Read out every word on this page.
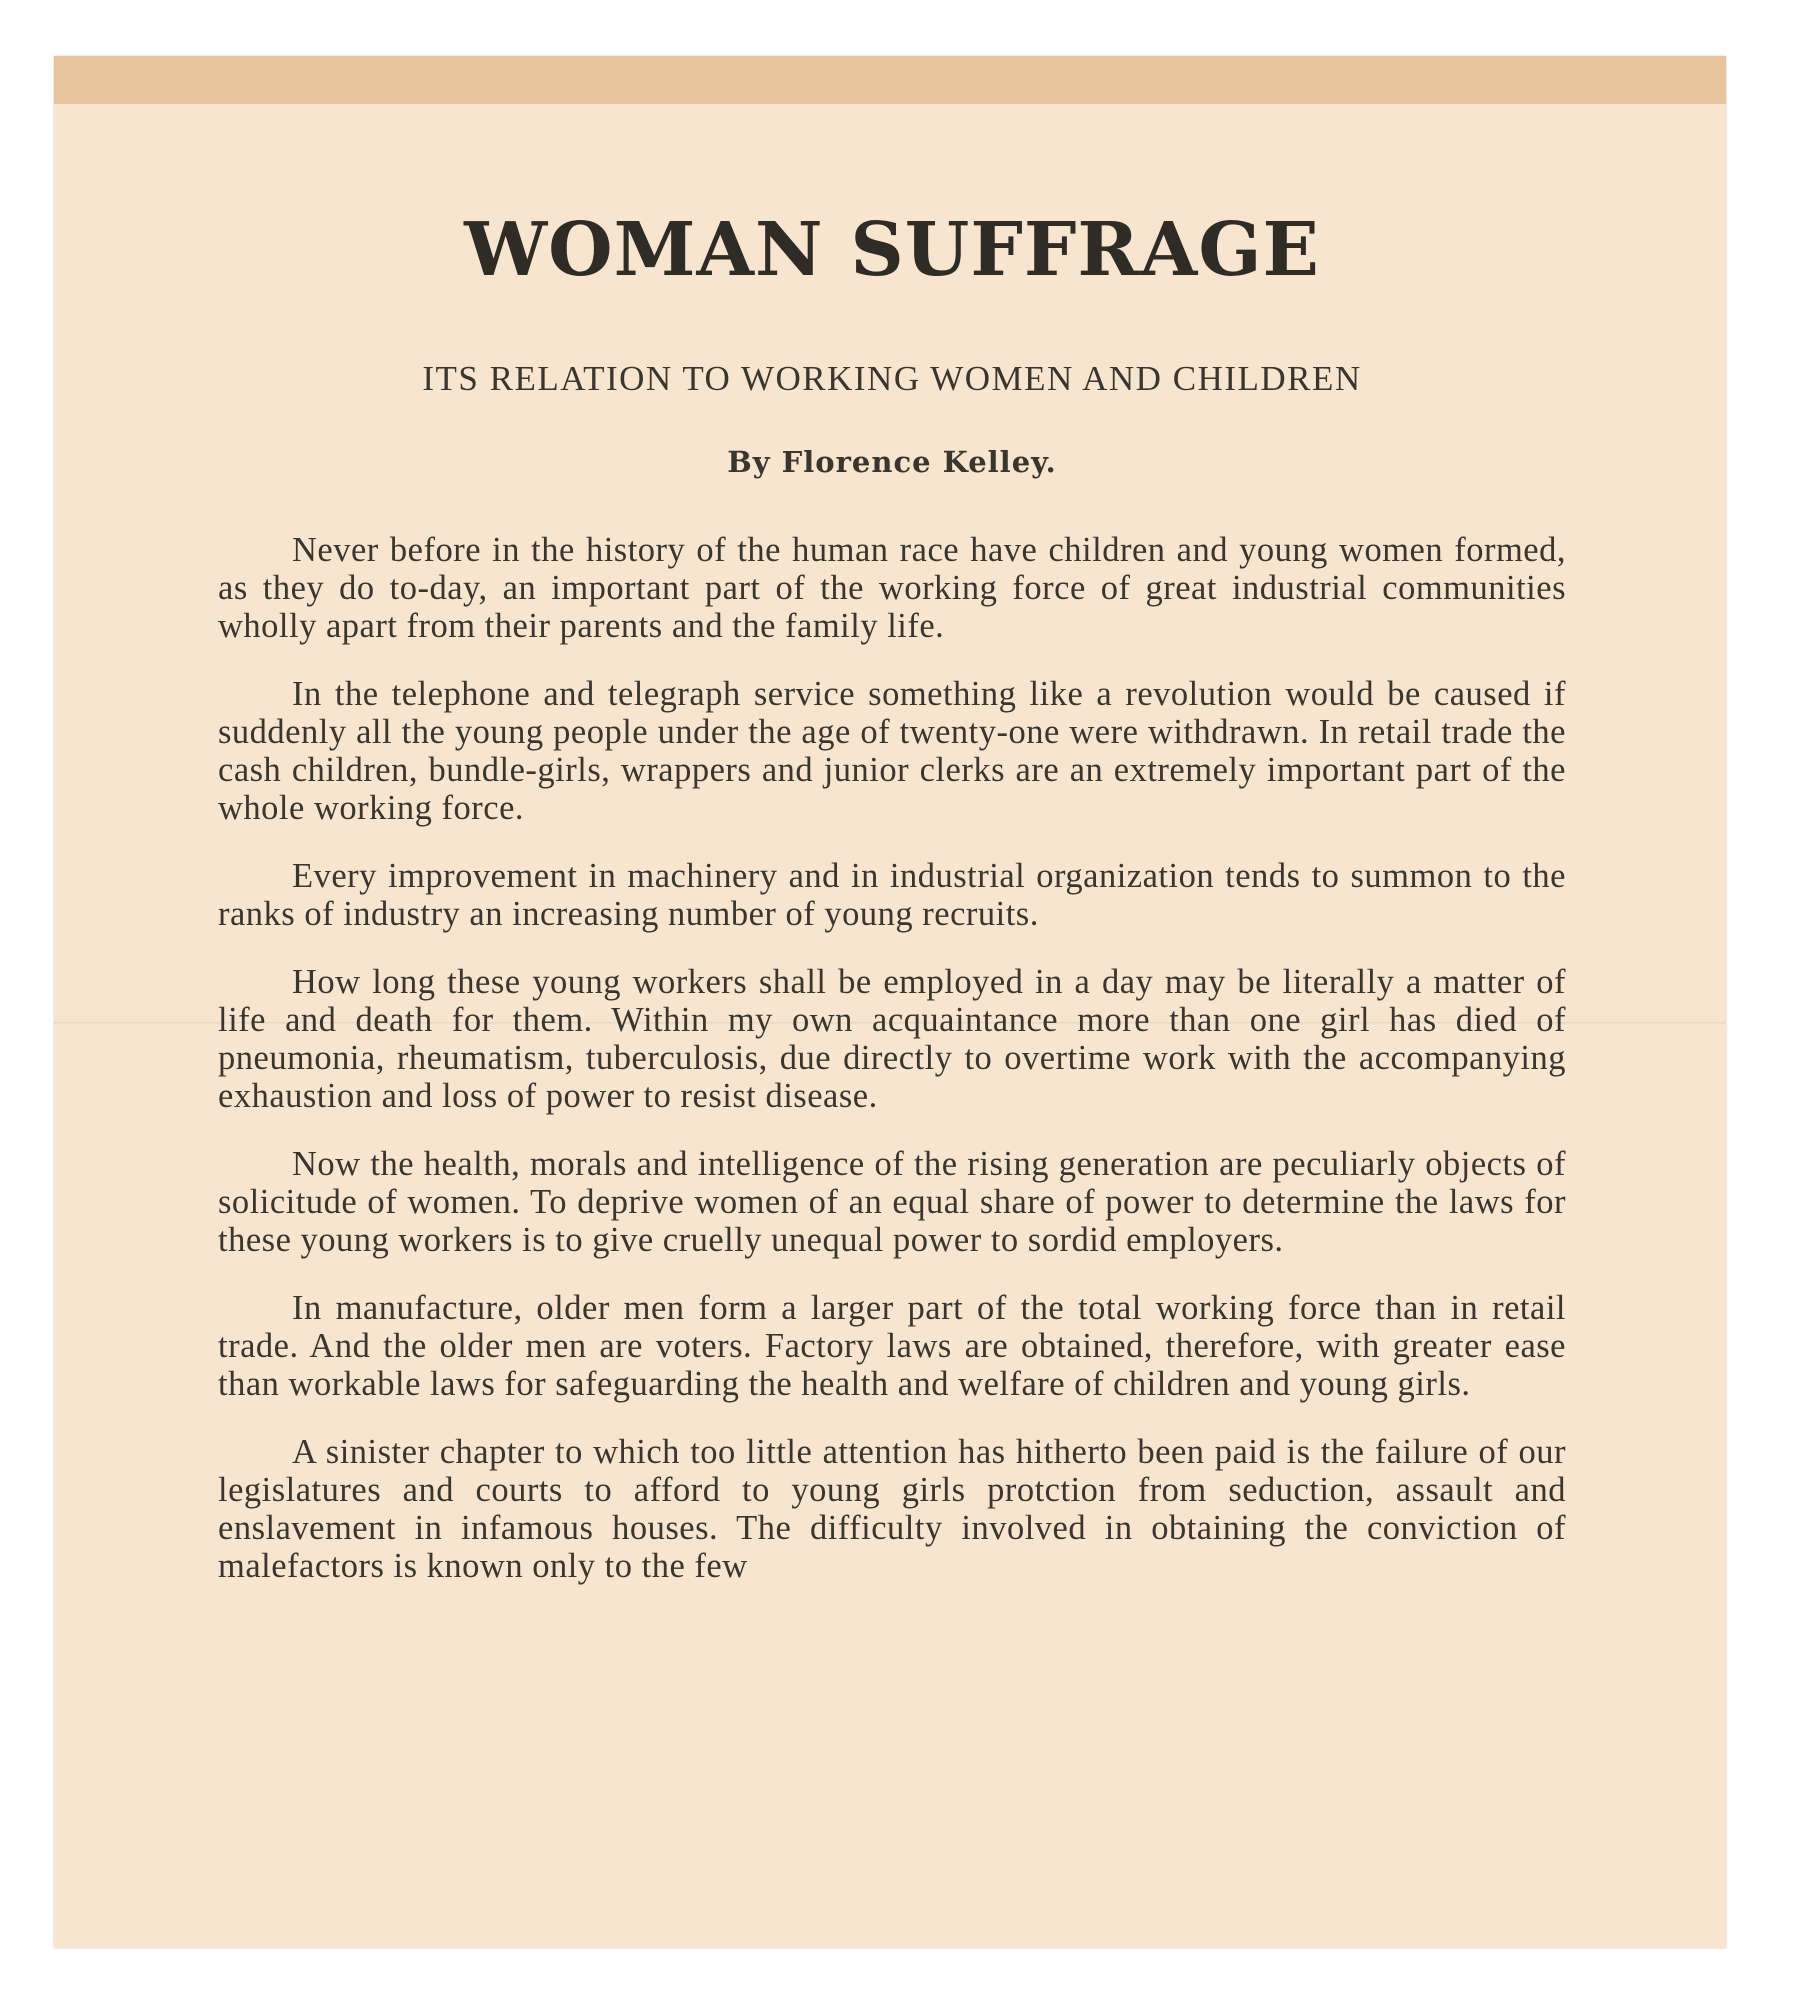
WOMAN SUFFRAGE
ITS RELATION TO WORKING WOMEN AND CHILDREN
By Florence Kelley.

Never before in the history of the human race have children and young women formed, as they do to-day, an important part of the working force of great industrial communities wholly apart from their parents and the family life.

In the telephone and telegraph service something like a revolution would be caused if suddenly all the young people under the age of twenty-one were withdrawn. In retail trade the cash children, bundle-girls, wrappers and junior clerks are an extremely important part of the whole working force.

Every improvement in machinery and in industrial organization tends to summon to the ranks of industry an increasing number of young recruits.

How long these young workers shall be employed in a day may be literally a matter of life and death for them. Within my own acquaintance more than one girl has died of pneumonia, rheumatism, tuberculosis, due directly to overtime work with the accompanying exhaustion and loss of power to resist disease.

Now the health, morals and intelligence of the rising generation are peculiarly objects of solicitude of women. To deprive women of an equal share of power to determine the laws for these young workers is to give cruelly unequal power to sordid employers.

In manufacture, older men form a larger part of the total working force than in retail trade. And the older men are voters. Factory laws are obtained, therefore, with greater ease than workable laws for safeguarding the health and welfare of children and young girls.

A sinister chapter to which too little attention has hitherto been paid is the failure of our legislatures and courts to afford to young girls protction from seduction, assault and enslavement in infamous houses. The difficulty involved in obtaining the conviction of malefactors is known only to the few
